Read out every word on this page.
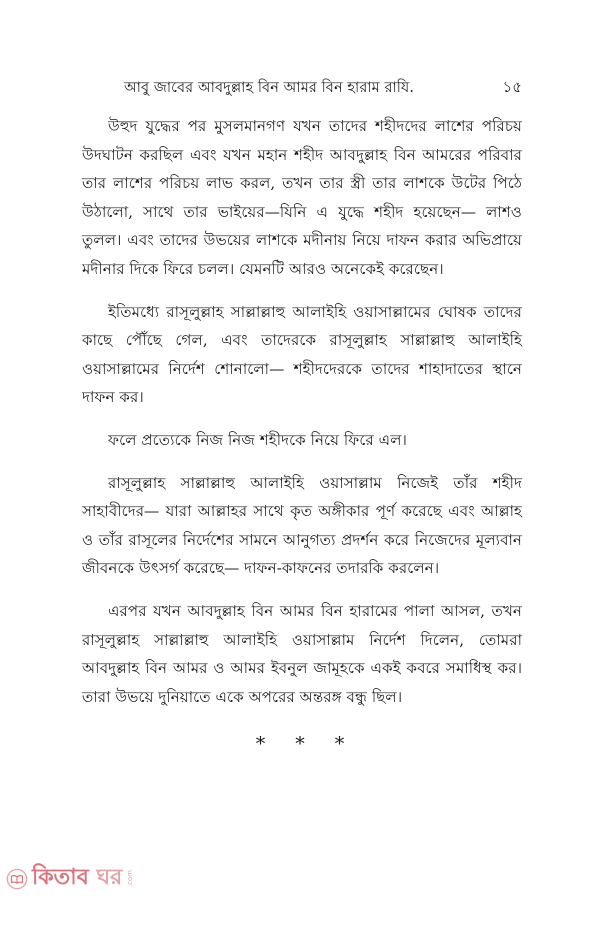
আবু জাবের আবদুল্লাহ বিন আমর বিন হারাম রাযি.	১৫

উহুদ যুদ্ধের পর মুসলমানগণ যখন তাদের শহীদদের লাশের পরিচয় উদঘাটন করছিল এবং যখন মহান শহীদ আবদুল্লাহ বিন আমরের পরিবার তার লাশের পরিচয় লাভ করল, তখন তার স্ত্রী তার লাশকে উটের পিঠে উঠালো, সাথে তার ভাইয়ের—যিনি এ যুদ্ধে শহীদ হয়েছেন— লাশও তুলল। এবং তাদের উভয়ের লাশকে মদীনায় নিয়ে দাফন করার অভিপ্রায়ে মদীনার দিকে ফিরে চলল। যেমনটি আরও অনেকেই করেছেন।

ইতিমধ্যে রাসূলুল্লাহ সাল্লাল্লাহু আলাইহি ওয়াসাল্লামের ঘোষক তাদের কাছে পৌঁছে গেল, এবং তাদেরকে রাসূলুল্লাহ সাল্লাল্লাহু আলাইহি ওয়াসাল্লামের নির্দেশ শোনালো— শহীদদেরকে তাদের শাহাদাতের স্থানে দাফন কর।

ফলে প্রত্যেকে নিজ নিজ শহীদকে নিয়ে ফিরে এল।

রাসূলুল্লাহ সাল্লাল্লাহু আলাইহি ওয়াসাল্লাম নিজেই তাঁর শহীদ সাহাবীদের— যারা আল্লাহর সাথে কৃত অঙ্গীকার পূর্ণ করেছে এবং আল্লাহ ও তাঁর রাসূলের নির্দেশের সামনে আনুগত্য প্রদর্শন করে নিজেদের মূল্যবান জীবনকে উৎসর্গ করেছে— দাফন-কাফনের তদারকি করলেন।

এরপর যখন আবদুল্লাহ বিন আমর বিন হারামের পালা আসল, তখন রাসূলুল্লাহ সাল্লাল্লাহু আলাইহি ওয়াসাল্লাম নির্দেশ দিলেন, তোমরা আবদুল্লাহ বিন আমর ও আমর ইবনুল জামূহকে একই কবরে সমাধিস্থ কর। তারা উভয়ে দুনিয়াতে একে অপরের অন্তরঙ্গ বন্ধু ছিল।

* * *
কিতাব ঘর .com
